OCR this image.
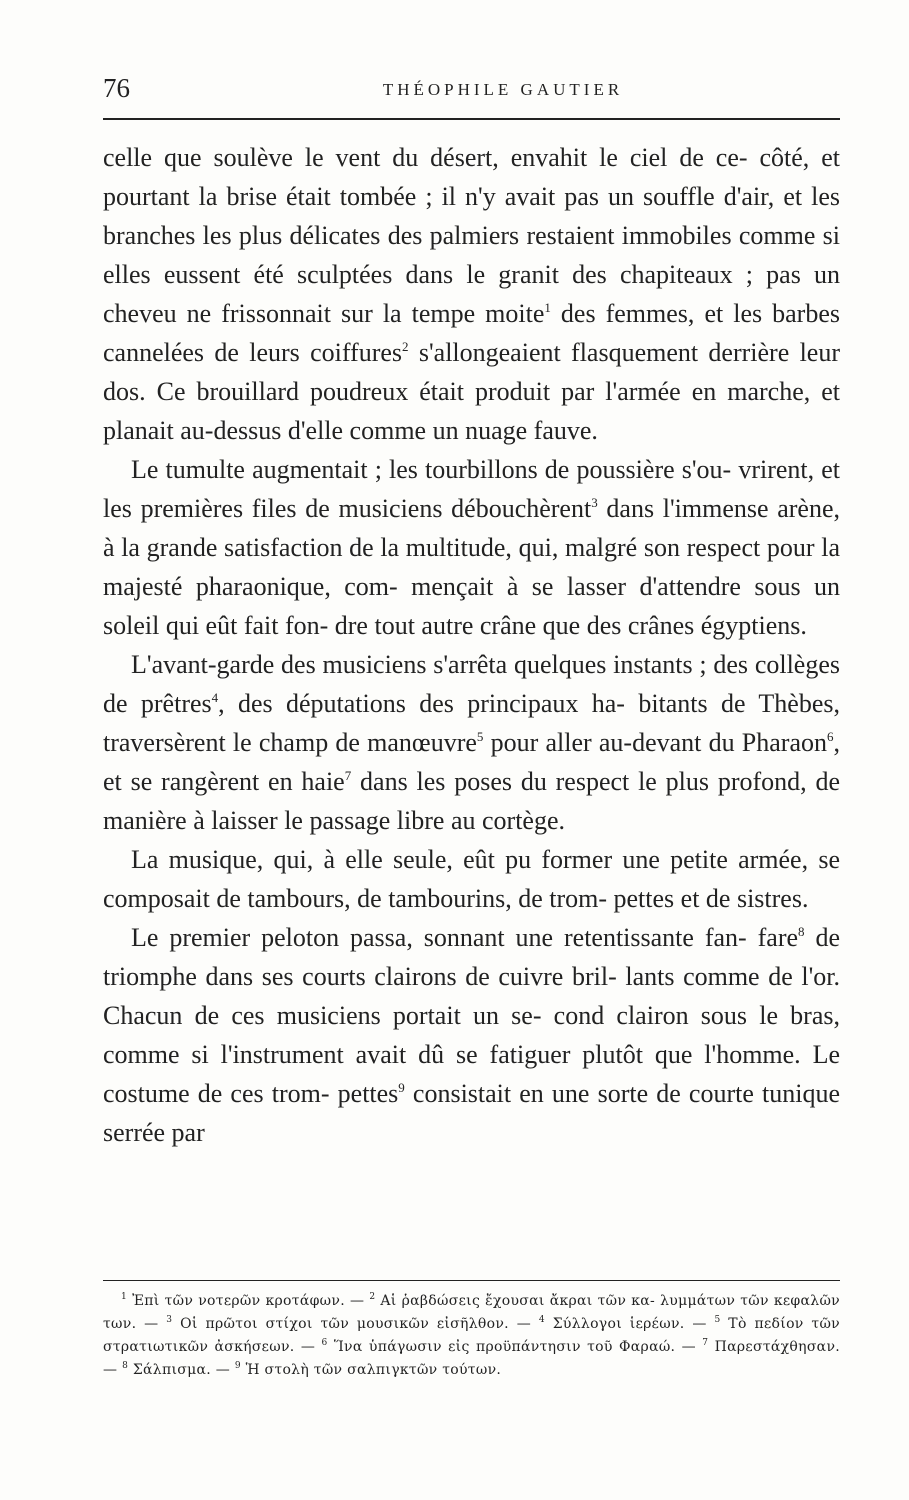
76	THÉOPHILE GAUTIER

celle que soulève le vent du désert, envahit le ciel de ce- côté, et pourtant la brise était tombée ; il n'y avait pas un souffle d'air, et les branches les plus délicates des palmiers restaient immobiles comme si elles eussent été sculptées dans le granit des chapiteaux ; pas un cheveu ne frissonnait sur la tempe moite$^1$ des femmes, et les barbes cannelées de leurs coiffures$^2$ s'allongeaient flasquement derrière leur dos. Ce brouillard poudreux était produit par l'armée en marche, et planait au-dessus d'elle comme un nuage fauve.

Le tumulte augmentait ; les tourbillons de poussière s'ou- vrirent, et les premières files de musiciens débouchèrent$^3$ dans l'immense arène, à la grande satisfaction de la multitude, qui, malgré son respect pour la majesté pharaonique, com- mençait à se lasser d'attendre sous un soleil qui eût fait fon- dre tout autre crâne que des crânes égyptiens.

L'avant-garde des musiciens s'arrêta quelques instants ; des collèges de prêtres$^4$, des députations des principaux ha- bitants de Thèbes, traversèrent le champ de manœuvre$^5$ pour aller au-devant du Pharaon$^6$, et se rangèrent en haie$^7$ dans les poses du respect le plus profond, de manière à laisser le passage libre au cortège.

La musique, qui, à elle seule, eût pu former une petite armée, se composait de tambours, de tambourins, de trom- pettes et de sistres.

Le premier peloton passa, sonnant une retentissante fan- fare$^8$ de triomphe dans ses courts clairons de cuivre bril- lants comme de l'or. Chacun de ces musiciens portait un se- cond clairon sous le bras, comme si l'instrument avait dû se fatiguer plutôt que l'homme. Le costume de ces trom- pettes$^9$ consistait en une sorte de courte tunique serrée par

$^1$ Ἐπὶ τῶν νοτερῶν κροτάφων. — $^2$ Αἱ ῥαβδώσεις ἔχουσαι ἄκραι τῶν κα- λυμμάτων τῶν κεφαλῶν των. — $^3$ Οἱ πρῶτοι στίχοι τῶν μουσικῶν εἰσῆλθον. — $^4$ Σύλλογοι ἱερέων. — $^5$ Τὸ πεδίον τῶν στρατιωτικῶν ἀσκήσεων. — $^6$ Ἵνα ὑπάγωσιν εἰς προϋπάντησιν τοῦ Φαραώ. — $^7$ Παρεστάχθησαν. — $^8$ Σάλπισμα. — $^9$ Ἡ στολὴ τῶν σαλπιγκτῶν τούτων.
